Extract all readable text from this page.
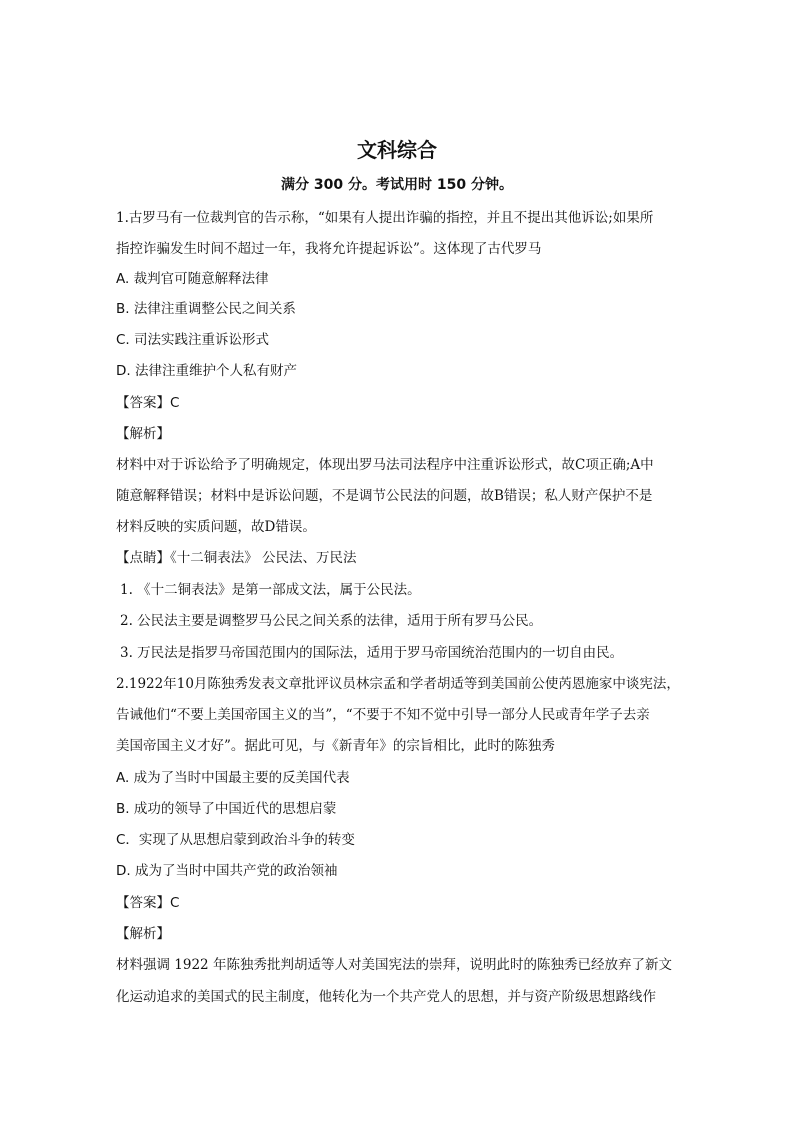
文科综合
满分 300 分。考试用时 150 分钟。
1.古罗马有一位裁判官的告示称，“如果有人提出诈骗的指控，并且不提出其他诉讼;如果所
指控诈骗发生时间不超过一年，我将允许提起诉讼”。这体现了古代罗马
A. 裁判官可随意解释法律
B. 法律注重调整公民之间关系
C. 司法实践注重诉讼形式
D. 法律注重维护个人私有财产
【答案】C
【解析】
材料中对于诉讼给予了明确规定，体现出罗马法司法程序中注重诉讼形式，故C项正确;A中
随意解释错误；材料中是诉讼问题，不是调节公民法的问题，故B错误；私人财产保护不是
材料反映的实质问题，故D错误。
【点睛】《十二铜表法》 公民法、万民法
1. 《十二铜表法》是第一部成文法，属于公民法。
2. 公民法主要是调整罗马公民之间关系的法律，适用于所有罗马公民。
3. 万民法是指罗马帝国范围内的国际法，适用于罗马帝国统治范围内的一切自由民。
2.1922年10月陈独秀发表文章批评议员林宗孟和学者胡适等到美国前公使芮恩施家中谈宪法，
告诫他们“不要上美国帝国主义的当”，“不要于不知不觉中引导一部分人民或青年学子去亲
美国帝国主义才好”。据此可见，与《新青年》的宗旨相比，此时的陈独秀
A. 成为了当时中国最主要的反美国代表
B. 成功的领导了中国近代的思想启蒙
C．实现了从思想启蒙到政治斗争的转变
D. 成为了当时中国共产党的政治领袖
【答案】C
【解析】
材料强调 1922 年陈独秀批判胡适等人对美国宪法的崇拜，说明此时的陈独秀已经放弃了新文
化运动追求的美国式的民主制度，他转化为一个共产党人的思想，并与资产阶级思想路线作
